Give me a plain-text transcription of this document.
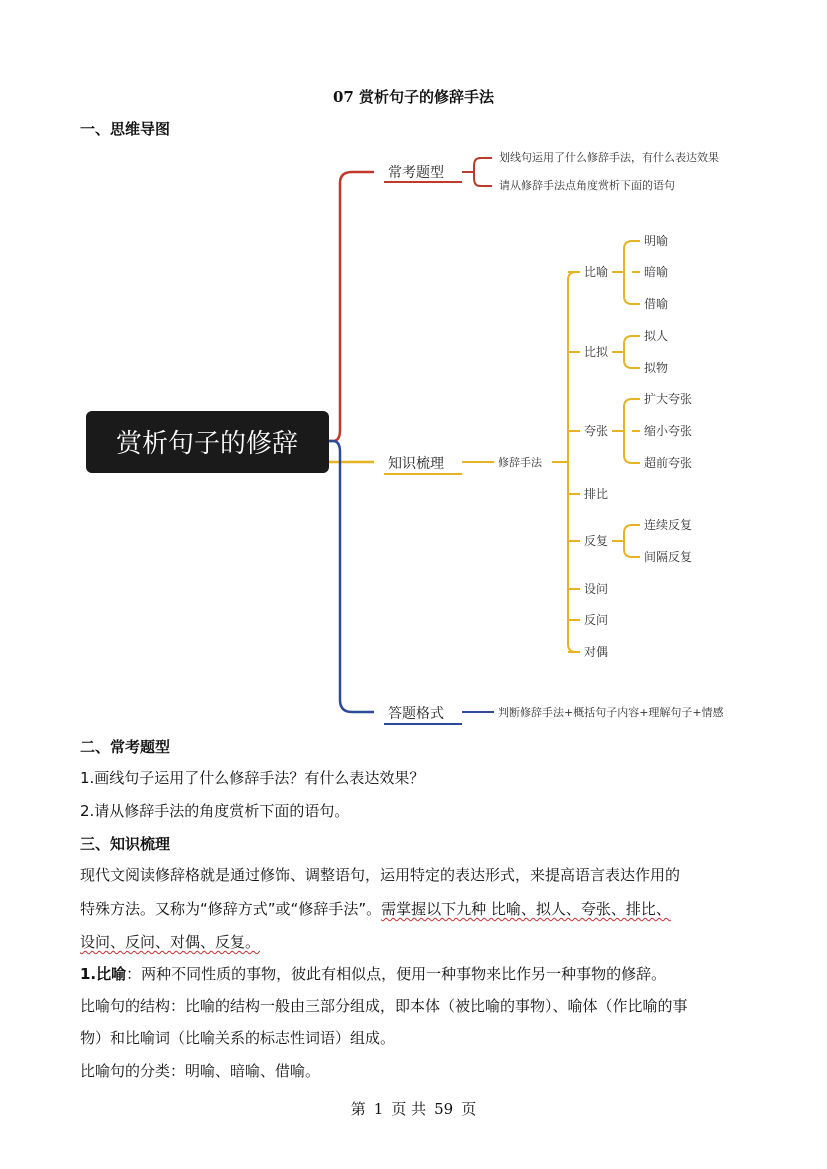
07 赏析句子的修辞手法
一、思维导图
赏析句子的修辞
常考题型
划线句运用了什么修辞手法，有什么表达效果
请从修辞手法点角度赏析下面的语句
知识梳理	修辞手法
比喻
明喻
暗喻
借喻
比拟
拟人
拟物
夸张
扩大夸张
缩小夸张
超前夸张
排比
反复
连续反复
间隔反复
设问
反问
对偶
答题格式	判断修辞手法+概括句子内容+理解句子+情感
二、常考题型
1.画线句子运用了什么修辞手法？有什么表达效果？
2.请从修辞手法的角度赏析下面的语句。
三、知识梳理
现代文阅读修辞格就是通过修饰、调整语句，运用特定的表达形式，来提高语言表达作用的
特殊方法。又称为“修辞方式”或“修辞手法”。需掌握以下九种 比喻、拟人、夸张、排比、
设问、反问、对偶、反复。
1.比喻：两种不同性质的事物，彼此有相似点，便用一种事物来比作另一种事物的修辞。
比喻句的结构：比喻的结构一般由三部分组成，即本体（被比喻的事物）、喻体（作比喻的事
物）和比喻词（比喻关系的标志性词语）组成。
比喻句的分类：明喻、暗喻、借喻。
第 1 页 共 59 页
